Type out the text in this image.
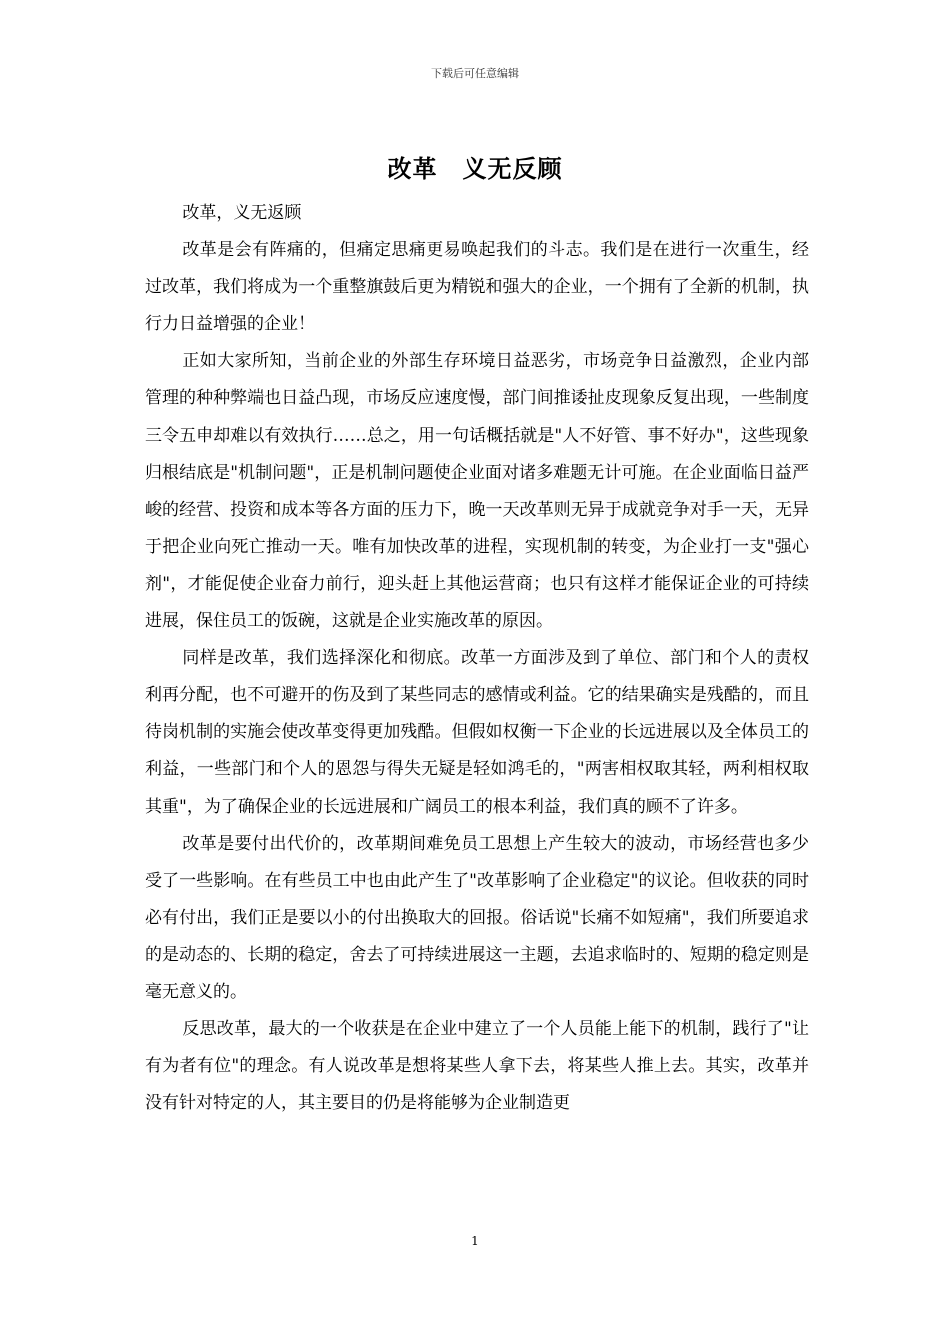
下载后可任意编辑
改革　义无反顾

改革，义无返顾

改革是会有阵痛的，但痛定思痛更易唤起我们的斗志。我们是在进行一次重生，经过改革，我们将成为一个重整旗鼓后更为精锐和强大的企业，一个拥有了全新的机制，执行力日益增强的企业！

正如大家所知，当前企业的外部生存环境日益恶劣，市场竞争日益激烈，企业内部管理的种种弊端也日益凸现，市场反应速度慢，部门间推诿扯皮现象反复出现，一些制度三令五申却难以有效执行……总之，用一句话概括就是"人不好管、事不好办"，这些现象归根结底是"机制问题"，正是机制问题使企业面对诸多难题无计可施。在企业面临日益严峻的经营、投资和成本等各方面的压力下，晚一天改革则无异于成就竞争对手一天，无异于把企业向死亡推动一天。唯有加快改革的进程，实现机制的转变，为企业打一支"强心剂"，才能促使企业奋力前行，迎头赶上其他运营商；也只有这样才能保证企业的可持续进展，保住员工的饭碗，这就是企业实施改革的原因。

同样是改革，我们选择深化和彻底。改革一方面涉及到了单位、部门和个人的责权利再分配，也不可避开的伤及到了某些同志的感情或利益。它的结果确实是残酷的，而且待岗机制的实施会使改革变得更加残酷。但假如权衡一下企业的长远进展以及全体员工的利益，一些部门和个人的恩怨与得失无疑是轻如鸿毛的，"两害相权取其轻，两利相权取其重"，为了确保企业的长远进展和广阔员工的根本利益，我们真的顾不了许多。

改革是要付出代价的，改革期间难免员工思想上产生较大的波动，市场经营也多少受了一些影响。在有些员工中也由此产生了"改革影响了企业稳定"的议论。但收获的同时必有付出，我们正是要以小的付出换取大的回报。俗话说"长痛不如短痛"，我们所要追求的是动态的、长期的稳定，舍去了可持续进展这一主题，去追求临时的、短期的稳定则是毫无意义的。

反思改革，最大的一个收获是在企业中建立了一个人员能上能下的机制，践行了"让有为者有位"的理念。有人说改革是想将某些人拿下去，将某些人推上去。其实，改革并没有针对特定的人，其主要目的仍是将能够为企业制造更

1
